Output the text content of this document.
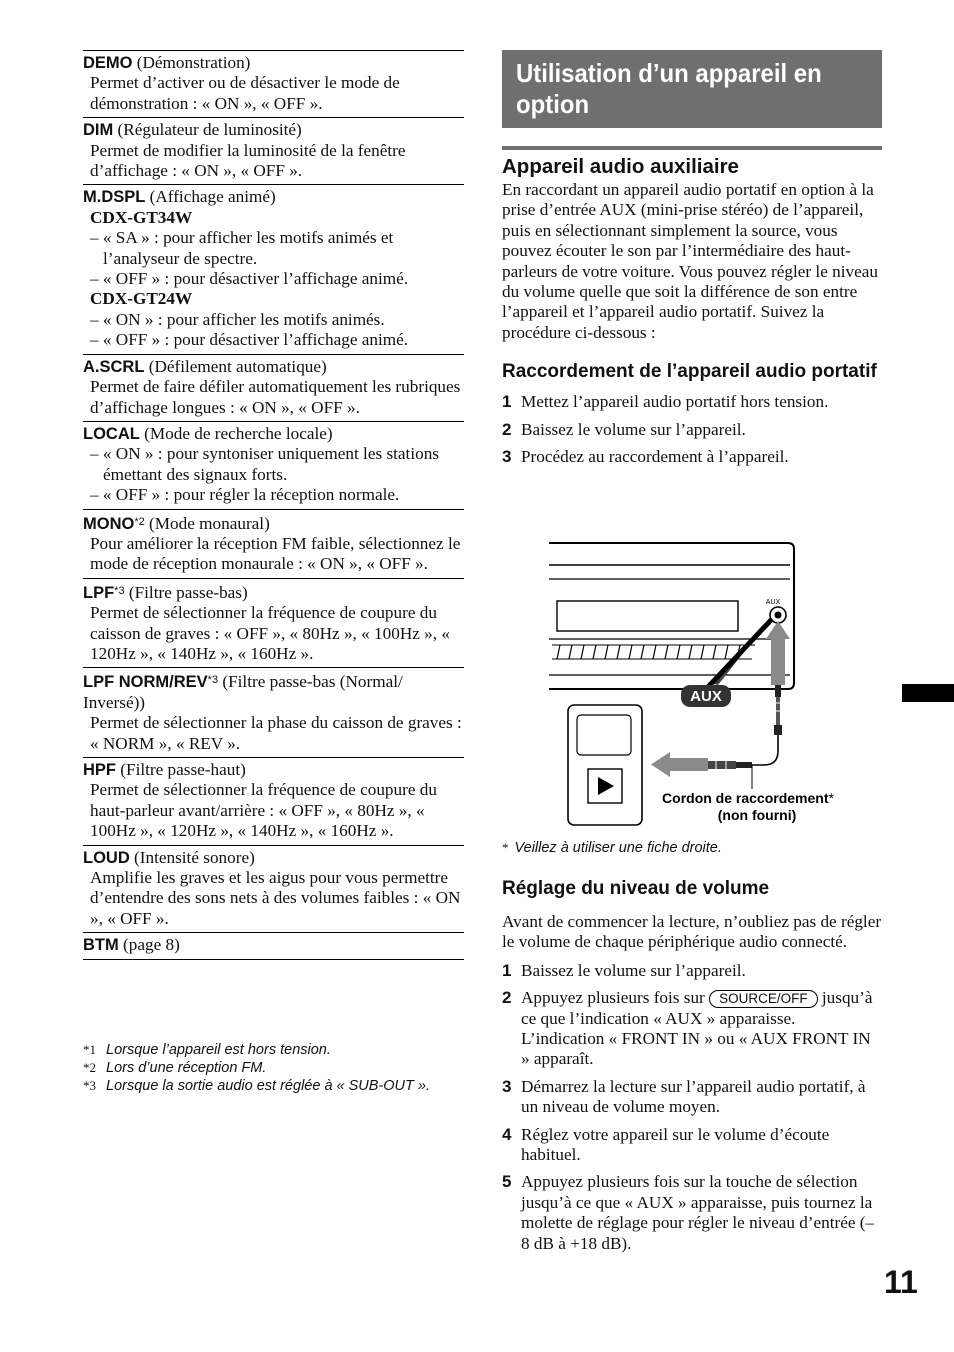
DEMO (Démonstration)
Permet d’activer ou de désactiver le mode de démonstration : « ON », « OFF ».
DIM (Régulateur de luminosité)
Permet de modifier la luminosité de la fenêtre d’affichage : « ON », « OFF ».
M.DSPL (Affichage animé)
CDX-GT34W
– « SA » : pour afficher les motifs animés et l’analyseur de spectre.
– « OFF » : pour désactiver l’affichage animé.
CDX-GT24W
– « ON » : pour afficher les motifs animés.
– « OFF » : pour désactiver l’affichage animé.
A.SCRL (Défilement automatique)
Permet de faire défiler automatiquement les rubriques d’affichage longues : « ON », « OFF ».
LOCAL (Mode de recherche locale)
– « ON » : pour syntoniser uniquement les stations émettant des signaux forts.
– « OFF » : pour régler la réception normale.
MONO$^{*2}$ (Mode monaural)
Pour améliorer la réception FM faible, sélectionnez le mode de réception monaurale : « ON », « OFF ».
LPF$^{*3}$ (Filtre passe-bas)
Permet de sélectionner la fréquence de coupure du caisson de graves : « OFF », « 80Hz », « 100Hz », « 120Hz », « 140Hz », « 160Hz ».
LPF NORM/REV$^{*3}$ (Filtre passe-bas (Normal/ Inversé))
Permet de sélectionner la phase du caisson de graves : « NORM », « REV ».
HPF (Filtre passe-haut)
Permet de sélectionner la fréquence de coupure du haut-parleur avant/arrière : « OFF », « 80Hz », « 100Hz », « 120Hz », « 140Hz », « 160Hz ».
LOUD (Intensité sonore)
Amplifie les graves et les aigus pour vous permettre d’entendre des sons nets à des volumes faibles : « ON », « OFF ».
BTM (page 8)
*1 Lorsque l’appareil est hors tension.
*2 Lors d’une réception FM.
*3 Lorsque la sortie audio est réglée à « SUB-OUT ».
Utilisation d’un appareil en option
Appareil audio auxiliaire
En raccordant un appareil audio portatif en option à la prise d’entrée AUX (mini-prise stéréo) de l’appareil, puis en sélectionnant simplement la source, vous pouvez écouter le son par l’intermédiaire des haut-parleurs de votre voiture. Vous pouvez régler le niveau du volume quelle que soit la différence de son entre l’appareil et l’appareil audio portatif. Suivez la procédure ci-dessous :
Raccordement de l’appareil audio portatif
1 Mettez l’appareil audio portatif hors tension.
2 Baissez le volume sur l’appareil.
3 Procédez au raccordement à l’appareil.
AUX
AUX
Cordon de raccordement*
(non fourni)
* Veillez à utiliser une fiche droite.
Réglage du niveau de volume
Avant de commencer la lecture, n’oubliez pas de régler le volume de chaque périphérique audio connecté.
1 Baissez le volume sur l’appareil.
2 Appuyez plusieurs fois sur SOURCE/OFF jusqu’à ce que l’indication « AUX » apparaisse.
L’indication « FRONT IN » ou « AUX FRONT IN » apparaît.
3 Démarrez la lecture sur l’appareil audio portatif, à un niveau de volume moyen.
4 Réglez votre appareil sur le volume d’écoute habituel.
5 Appuyez plusieurs fois sur la touche de sélection jusqu’à ce que « AUX » apparaisse, puis tournez la molette de réglage pour régler le niveau d’entrée (–8 dB à +18 dB).
11
